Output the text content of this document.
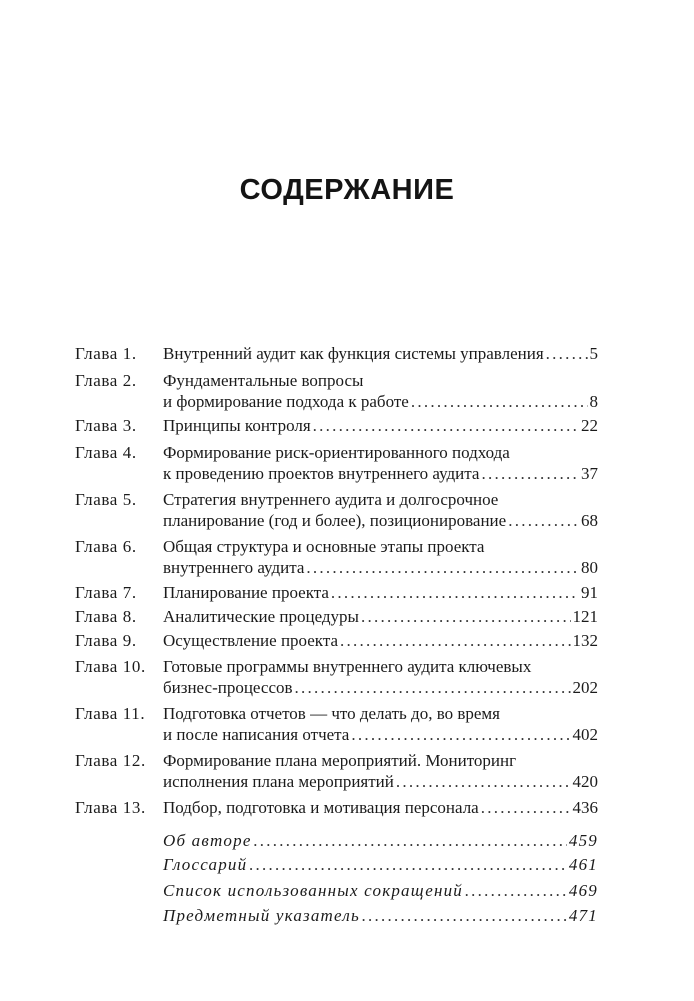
СОДЕРЖАНИЕ
Глава 1. Внутренний аудит как функция системы управления . . .	5
Глава 2. Фундаментальные вопросы
и формирование подхода к работе . . .	8
Глава 3. Принципы контроля . . .	22
Глава 4. Формирование риск-ориентированного подхода
к проведению проектов внутреннего аудита . . .	37
Глава 5. Стратегия внутреннего аудита и долгосрочное
планирование (год и более), позиционирование . . .	68
Глава 6. Общая структура и основные этапы проекта
внутреннего аудита . . .	80
Глава 7. Планирование проекта . . .	91
Глава 8. Аналитические процедуры . . .	121
Глава 9. Осуществление проекта . . .	132
Глава 10. Готовые программы внутреннего аудита ключевых
бизнес-процессов . . .	202
Глава 11. Подготовка отчетов — что делать до, во время
и после написания отчета . . .	402
Глава 12. Формирование плана мероприятий. Мониторинг
исполнения плана мероприятий . . .	420
Глава 13. Подбор, подготовка и мотивация персонала . . .	436
Об авторе . . .	459
Глоссарий . . .	461
Список использованных сокращений . . .	469
Предметный указатель . . .	471
